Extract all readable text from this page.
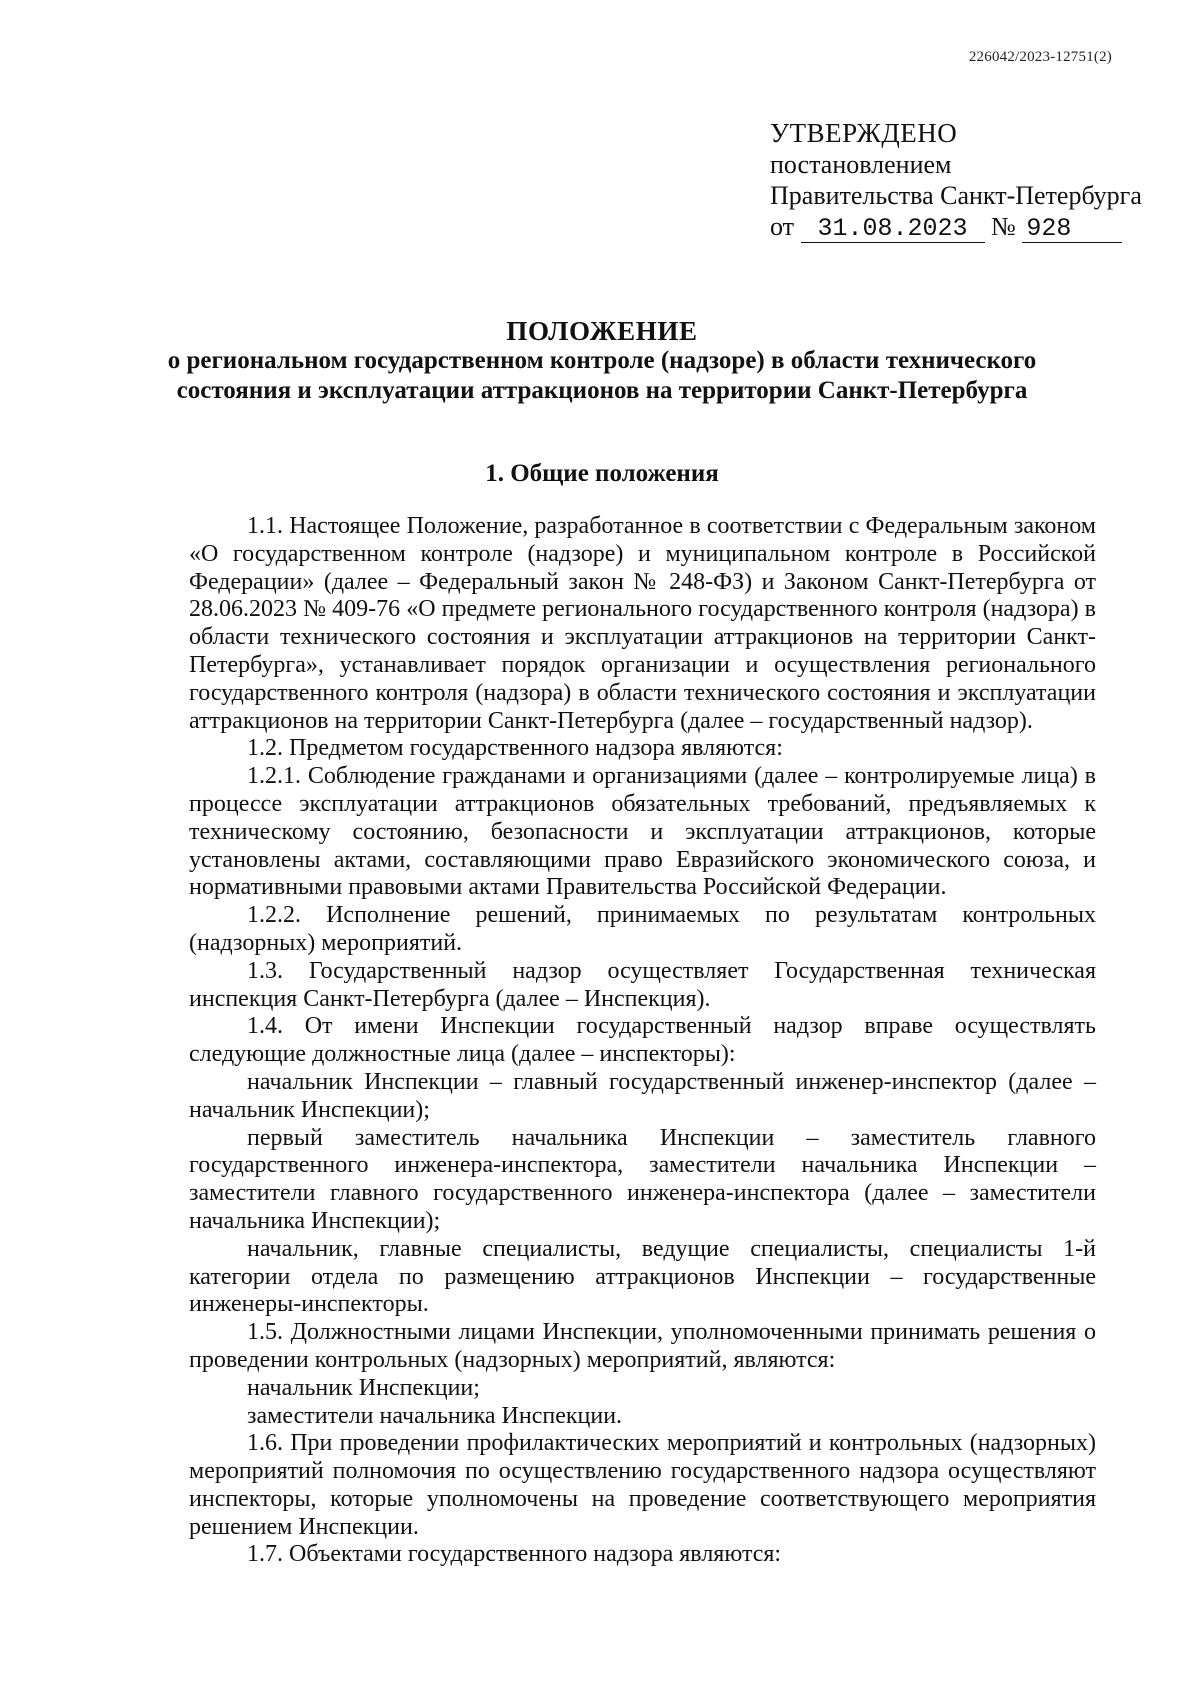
226042/2023-12751(2)
УТВЕРЖДЕНО
постановлением
Правительства Санкт-Петербурга
от 31.08.2023 № 928
ПОЛОЖЕНИЕ
о региональном государственном контроле (надзоре) в области технического
состояния и эксплуатации аттракционов на территории Санкт-Петербурга
1. Общие положения

1.1. Настоящее Положение, разработанное в соответствии с Федеральным законом «О государственном контроле (надзоре) и муниципальном контроле в Российской Федерации» (далее – Федеральный закон № 248-ФЗ) и Законом Санкт-Петербурга от 28.06.2023 № 409-76 «О предмете регионального государственного контроля (надзора) в области технического состояния и эксплуатации аттракционов на территории Санкт-Петербурга», устанавливает порядок организации и осуществления регионального государственного контроля (надзора) в области технического состояния и эксплуатации аттракционов на территории Санкт-Петербурга (далее – государственный надзор).

1.2. Предметом государственного надзора являются:

1.2.1. Соблюдение гражданами и организациями (далее – контролируемые лица) в процессе эксплуатации аттракционов обязательных требований, предъявляемых к техническому состоянию, безопасности и эксплуатации аттракционов, которые установлены актами, составляющими право Евразийского экономического союза, и нормативными правовыми актами Правительства Российской Федерации.

1.2.2. Исполнение решений, принимаемых по результатам контрольных (надзорных) мероприятий.

1.3. Государственный надзор осуществляет Государственная техническая инспекция Санкт-Петербурга (далее – Инспекция).

1.4. От имени Инспекции государственный надзор вправе осуществлять следующие должностные лица (далее – инспекторы):

начальник Инспекции – главный государственный инженер-инспектор (далее – начальник Инспекции);

первый заместитель начальника Инспекции – заместитель главного государственного инженера-инспектора, заместители начальника Инспекции – заместители главного государственного инженера-инспектора (далее – заместители начальника Инспекции);

начальник, главные специалисты, ведущие специалисты, специалисты 1-й категории отдела по размещению аттракционов Инспекции – государственные инженеры-инспекторы.

1.5. Должностными лицами Инспекции, уполномоченными принимать решения о проведении контрольных (надзорных) мероприятий, являются:

начальник Инспекции;

заместители начальника Инспекции.

1.6. При проведении профилактических мероприятий и контрольных (надзорных) мероприятий полномочия по осуществлению государственного надзора осуществляют инспекторы, которые уполномочены на проведение соответствующего мероприятия решением Инспекции.

1.7. Объектами государственного надзора являются:
